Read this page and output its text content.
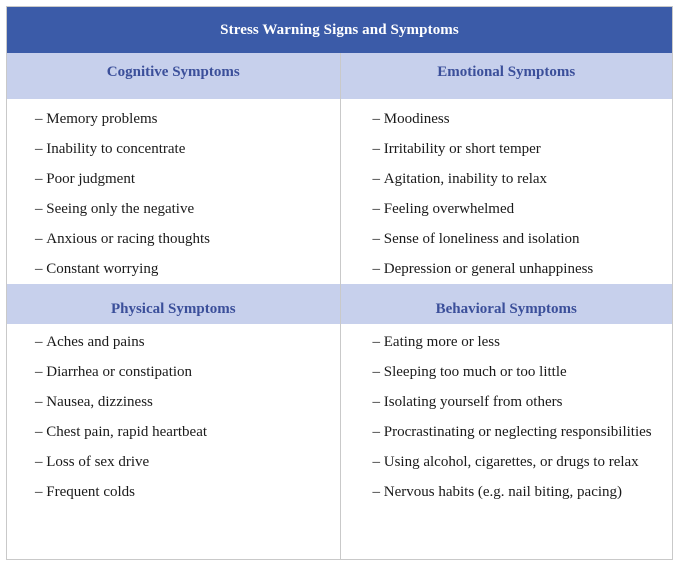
Stress Warning Signs and Symptoms
Cognitive Symptoms	Emotional Symptoms
– Memory problems
– Inability to concentrate
– Poor judgment
– Seeing only the negative
– Anxious or racing thoughts
– Constant worrying
– Moodiness
– Irritability or short temper
– Agitation, inability to relax
– Feeling overwhelmed
– Sense of loneliness and isolation
– Depression or general unhappiness
Physical Symptoms	Behavioral Symptoms
– Aches and pains
– Diarrhea or constipation
– Nausea, dizziness
– Chest pain, rapid heartbeat
– Loss of sex drive
– Frequent colds
– Eating more or less
– Sleeping too much or too little
– Isolating yourself from others
– Procrastinating or neglecting responsibilities
– Using alcohol, cigarettes, or drugs to relax
– Nervous habits (e.g. nail biting, pacing)
